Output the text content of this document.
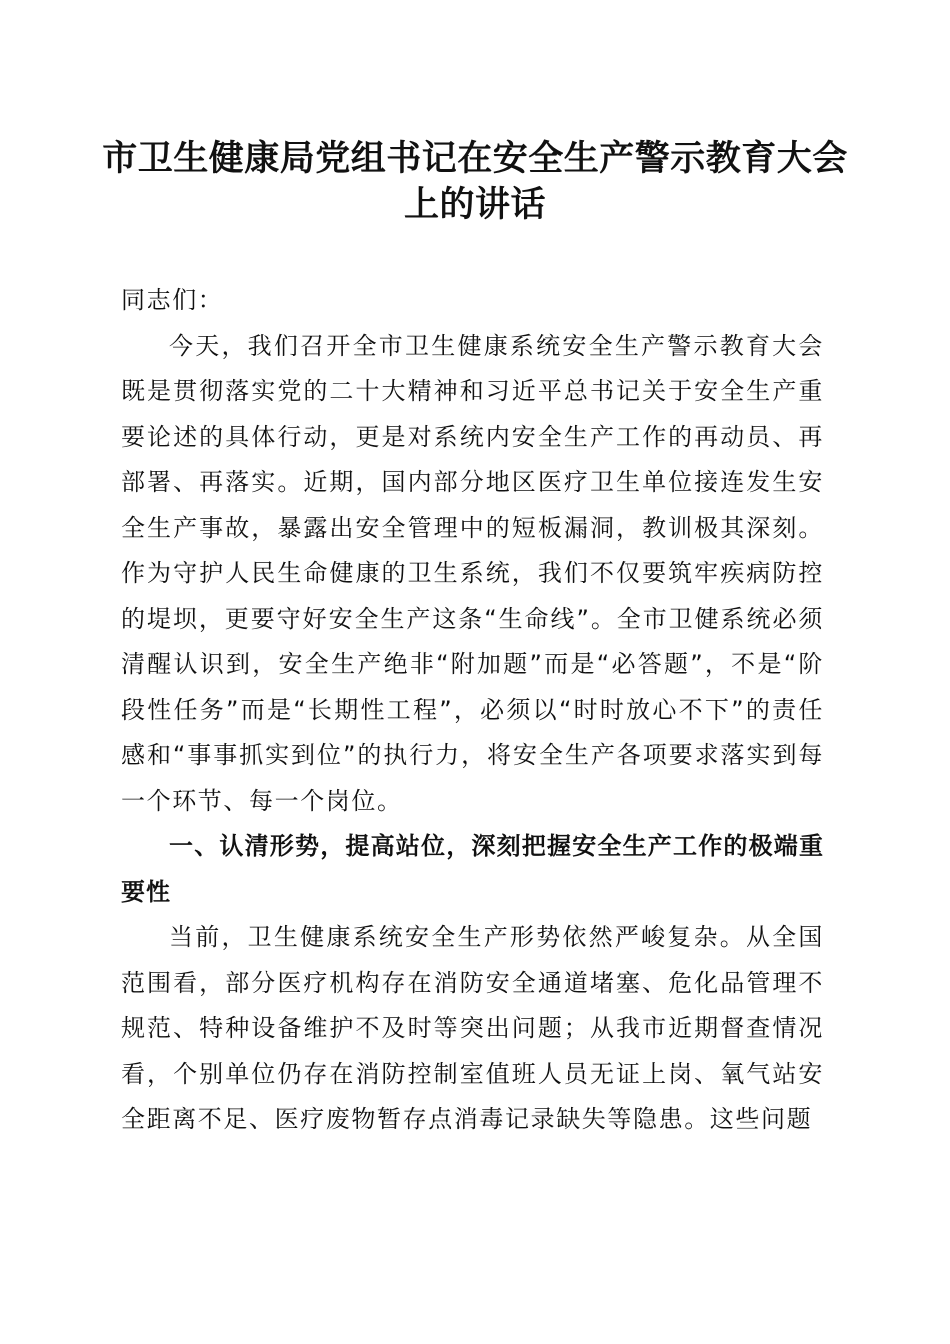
市卫生健康局党组书记在安全生产警示教育大会上的讲话

同志们：

今天，我们召开全市卫生健康系统安全生产警示教育大会既是贯彻落实党的二十大精神和习近平总书记关于安全生产重要论述的具体行动，更是对系统内安全生产工作的再动员、再部署、再落实。近期，国内部分地区医疗卫生单位接连发生安全生产事故，暴露出安全管理中的短板漏洞，教训极其深刻。作为守护人民生命健康的卫生系统，我们不仅要筑牢疾病防控的堤坝，更要守好安全生产这条“生命线”。全市卫健系统必须清醒认识到，安全生产绝非“附加题”而是“必答题”，不是“阶段性任务”而是“长期性工程”，必须以“时时放心不下”的责任感和“事事抓实到位”的执行力，将安全生产各项要求落实到每一个环节、每一个岗位。

一、认清形势，提高站位，深刻把握安全生产工作的极端重要性

当前，卫生健康系统安全生产形势依然严峻复杂。从全国范围看，部分医疗机构存在消防安全通道堵塞、危化品管理不规范、特种设备维护不及时等突出问题；从我市近期督查情况看，个别单位仍存在消防控制室值班人员无证上岗、氧气站安全距离不足、医疗废物暂存点消毒记录缺失等隐患。这些问题
